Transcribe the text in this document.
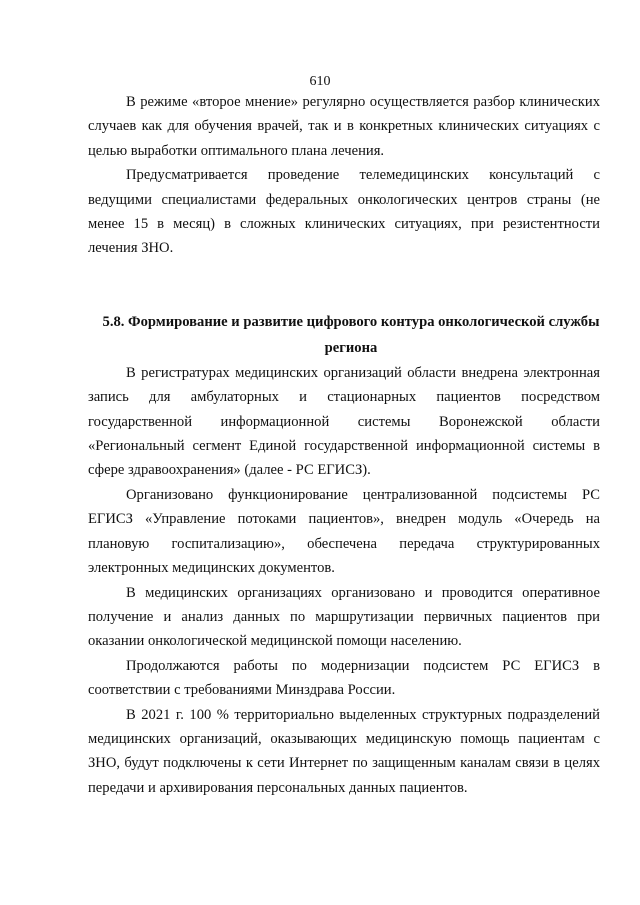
610

В режиме «второе мнение» регулярно осуществляется разбор клинических случаев как для обучения врачей, так и в конкретных клинических ситуациях с целью выработки оптимального плана лечения.

Предусматривается проведение телемедицинских консультаций с ведущими специалистами федеральных онкологических центров страны (не менее 15 в месяц) в сложных клинических ситуациях, при резистентности лечения ЗНО.

5.8. Формирование и развитие цифрового контура онкологической службы региона

В регистратурах медицинских организаций области внедрена электронная запись для амбулаторных и стационарных пациентов посредством государственной информационной системы Воронежской области «Региональный сегмент Единой государственной информационной системы в сфере здравоохранения» (далее - РС ЕГИСЗ).

Организовано функционирование централизованной подсистемы РС ЕГИСЗ «Управление потоками пациентов», внедрен модуль «Очередь на плановую госпитализацию», обеспечена передача структурированных электронных медицинских документов.

В медицинских организациях организовано и проводится оперативное получение и анализ данных по маршрутизации первичных пациентов при оказании онкологической медицинской помощи населению.

Продолжаются работы по модернизации подсистем РС ЕГИСЗ в соответствии с требованиями Минздрава России.

В 2021 г. 100 % территориально выделенных структурных подразделений медицинских организаций, оказывающих медицинскую помощь пациентам с ЗНО, будут подключены к сети Интернет по защищенным каналам связи в целях передачи и архивирования персональных данных пациентов.
